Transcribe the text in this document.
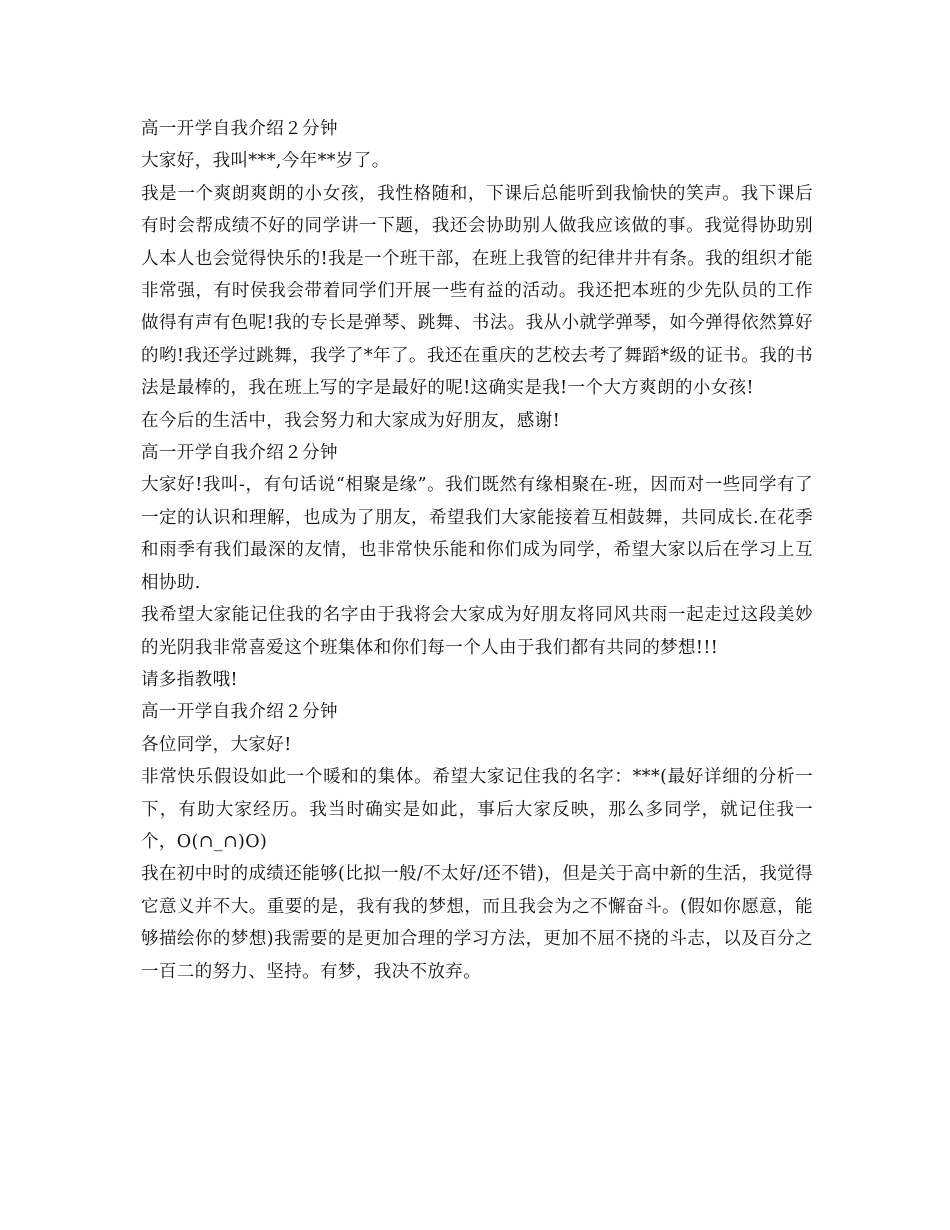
高一开学自我介绍２分钟

大家好，我叫***,今年**岁了。

我是一个爽朗爽朗的小女孩，我性格随和，下课后总能听到我愉快的笑声。我下课后有时会帮成绩不好的同学讲一下题，我还会协助别人做我应该做的事。我觉得协助别人本人也会觉得快乐的!我是一个班干部，在班上我管的纪律井井有条。我的组织才能非常强，有时侯我会带着同学们开展一些有益的活动。我还把本班的少先队员的工作做得有声有色呢!我的专长是弹琴、跳舞、书法。我从小就学弹琴，如今弹得依然算好的哟!我还学过跳舞，我学了*年了。我还在重庆的艺校去考了舞蹈*级的证书。我的书法是最棒的，我在班上写的字是最好的呢!这确实是我!一个大方爽朗的小女孩!

在今后的生活中，我会努力和大家成为好朋友，感谢!

高一开学自我介绍２分钟

大家好!我叫-，有句话说“相聚是缘”。我们既然有缘相聚在-班，因而对一些同学有了一定的认识和理解，也成为了朋友，希望我们大家能接着互相鼓舞，共同成长.在花季和雨季有我们最深的友情，也非常快乐能和你们成为同学，希望大家以后在学习上互相协助.

我希望大家能记住我的名字由于我将会大家成为好朋友将同风共雨一起走过这段美妙的光阴我非常喜爱这个班集体和你们每一个人由于我们都有共同的梦想!!!

请多指教哦!

高一开学自我介绍２分钟

各位同学，大家好!

非常快乐假设如此一个暖和的集体。希望大家记住我的名字：***(最好详细的分析一下，有助大家经历。我当时确实是如此，事后大家反映，那么多同学，就记住我一个，O(∩_∩)O)

我在初中时的成绩还能够(比拟一般/不太好/还不错)，但是关于高中新的生活，我觉得它意义并不大。重要的是，我有我的梦想，而且我会为之不懈奋斗。(假如你愿意，能够描绘你的梦想)我需要的是更加合理的学习方法，更加不屈不挠的斗志，以及百分之一百二的努力、坚持。有梦，我决不放弃。
